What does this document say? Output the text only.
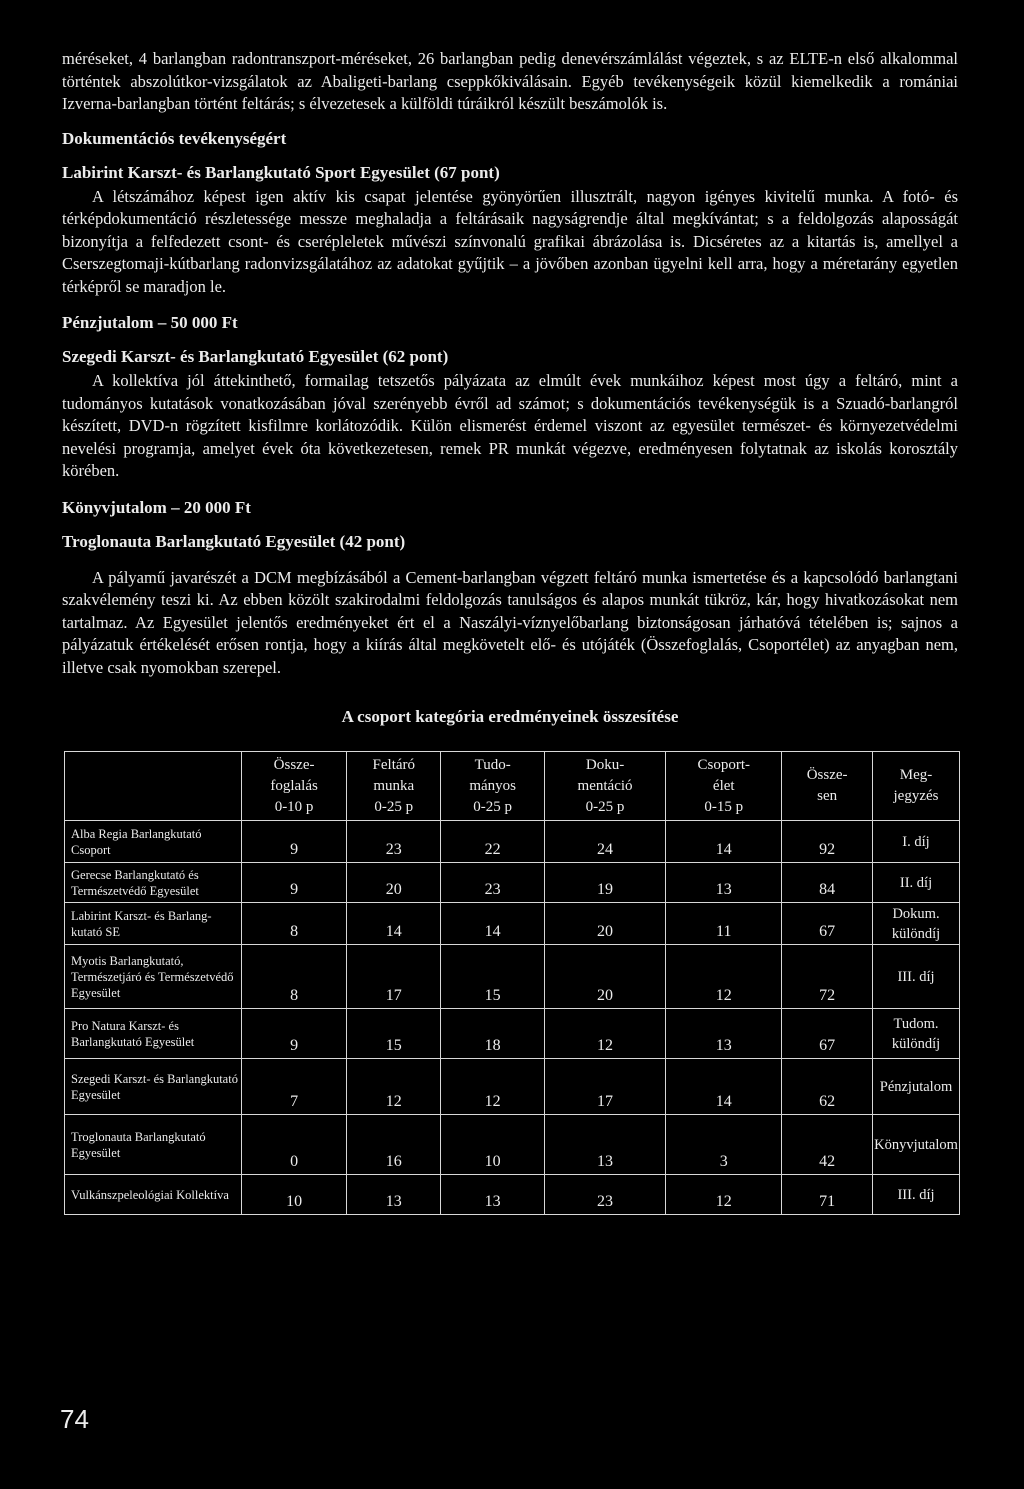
méréseket, 4 barlangban radontranszport-méréseket, 26 barlangban pedig denevérszámlálást végeztek, s az ELTE-n első alkalommal történtek abszolútkor-vizsgálatok az Abaligeti-barlang cseppkőkiválásain. Egyéb tevékenységeik közül kiemelkedik a romániai Izverna-barlangban történt feltárás; s élvezetesek a külföldi túráikról készült beszámolók is.

Dokumentációs tevékenységért
Labirint Karszt- és Barlangkutató Sport Egyesület (67 pont)

A létszámához képest igen aktív kis csapat jelentése gyönyörűen illusztrált, nagyon igényes kivitelű munka. A fotó- és térképdokumentáció részletessége messze meghaladja a feltárásaik nagyságrendje által megkívántat; s a feldolgozás alaposságát bizonyítja a felfedezett csont- és cserépleletek művészi színvonalú grafikai ábrázolása is. Dicséretes az a kitartás is, amellyel a Cserszegtomaji-kútbarlang radonvizsgálatához az adatokat gyűjtik – a jövőben azonban ügyelni kell arra, hogy a méretarány egyetlen térképről se maradjon le.

Pénzjutalom – 50 000 Ft
Szegedi Karszt- és Barlangkutató Egyesület (62 pont)

A kollektíva jól áttekinthető, formailag tetszetős pályázata az elmúlt évek munkáihoz képest most úgy a feltáró, mint a tudományos kutatások vonatkozásában jóval szerényebb évről ad számot; s dokumentációs tevékenységük is a Szuadó-barlangról készített, DVD-n rögzített kisfilmre korlátozódik. Külön elismerést érdemel viszont az egyesület természet- és környezetvédelmi nevelési programja, amelyet évek óta következetesen, remek PR munkát végezve, eredményesen folytatnak az iskolás korosztály körében.

Könyvjutalom – 20 000 Ft
Troglonauta Barlangkutató Egyesület (42 pont)

A pályamű javarészét a DCM megbízásából a Cement-barlangban végzett feltáró munka ismertetése és a kapcsolódó barlangtani szakvélemény teszi ki. Az ebben közölt szakirodalmi feldolgozás tanulságos és alapos munkát tükröz, kár, hogy hivatkozásokat nem tartalmaz. Az Egyesület jelentős eredményeket ért el a Naszályi-víznyelőbarlang biztonságosan járhatóvá tételében is; sajnos a pályázatuk értékelését erősen rontja, hogy a kiírás által megkövetelt elő- és utójáték (Összefoglalás, Csoportélet) az anyagban nem, illetve csak nyomokban szerepel.

A csoport kategória eredményeinek összesítése
	Össze-
foglalás
0-10 p	Feltáró
munka
0-25 p	Tudo-
mányos
0-25 p	Doku-
mentáció
0-25 p	Csoport-
élet
0-15 p	Össze-
sen	Meg-
jegyzés
Alba Regia Barlangkutató Csoport	9	23	22	24	14	92	I. díj
Gerecse Barlangkutató és Természetvédő Egyesület	9	20	23	19	13	84	II. díj
Labirint Karszt- és Barlang-kutató SE	8	14	14	20	11	67	Dokum. különdíj
Myotis Barlangkutató, Természetjáró és Természetvédő Egyesület	8	17	15	20	12	72	III. díj
Pro Natura Karszt- és Barlangkutató Egyesület	9	15	18	12	13	67	Tudom. különdíj
Szegedi Karszt- és Barlangkutató Egyesület	7	12	12	17	14	62	Pénzjutalom
Troglonauta Barlangkutató Egyesület	0	16	10	13	3	42	Könyvjutalom
Vulkánszpeleológiai Kollektíva	10	13	13	23	12	71	III. díj
74
